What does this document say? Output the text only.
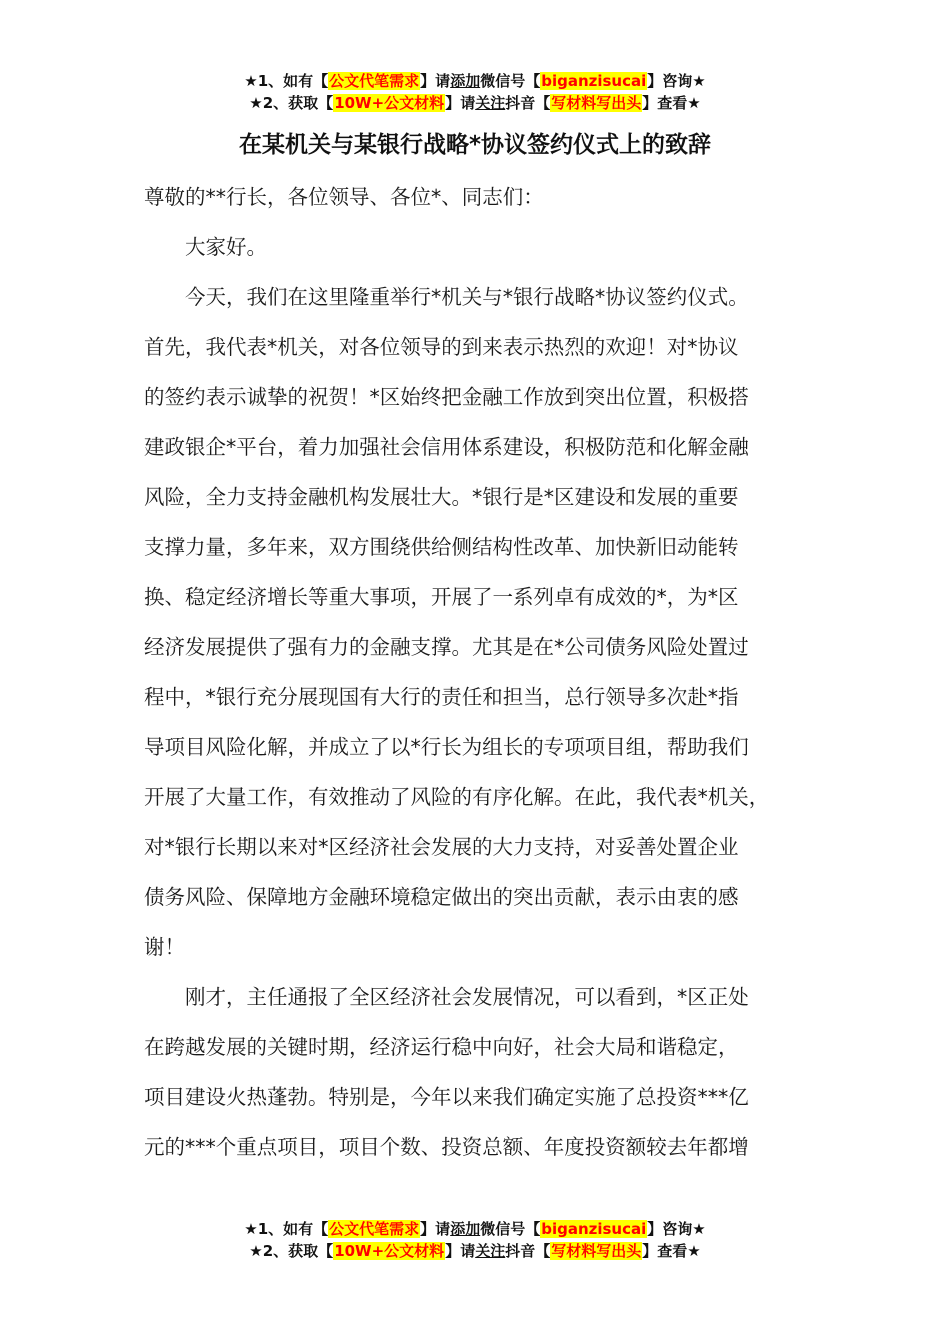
★1、如有【公文代笔需求】请添加微信号【biganzisucai】咨询★
★2、获取【10W+公文材料】请关注抖音【写材料写出头】查看★
在某机关与某银行战略*协议签约仪式上的致辞
尊敬的**行长，各位领导、各位*、同志们：
　　大家好。
　　今天，我们在这里隆重举行*机关与*银行战略*协议签约仪式。
首先，我代表*机关，对各位领导的到来表示热烈的欢迎！对*协议
的签约表示诚挚的祝贺！*区始终把金融工作放到突出位置，积极搭
建政银企*平台，着力加强社会信用体系建设，积极防范和化解金融
风险，全力支持金融机构发展壮大。*银行是*区建设和发展的重要
支撑力量，多年来，双方围绕供给侧结构性改革、加快新旧动能转
换、稳定经济增长等重大事项，开展了一系列卓有成效的*，为*区
经济发展提供了强有力的金融支撑。尤其是在*公司债务风险处置过
程中，*银行充分展现国有大行的责任和担当，总行领导多次赴*指
导项目风险化解，并成立了以*行长为组长的专项项目组，帮助我们
开展了大量工作，有效推动了风险的有序化解。在此，我代表*机关，
对*银行长期以来对*区经济社会发展的大力支持，对妥善处置企业
债务风险、保障地方金融环境稳定做出的突出贡献，表示由衷的感
谢！
　　刚才，主任通报了全区经济社会发展情况，可以看到，*区正处
在跨越发展的关键时期，经济运行稳中向好，社会大局和谐稳定，
项目建设火热蓬勃。特别是，今年以来我们确定实施了总投资***亿
元的***个重点项目，项目个数、投资总额、年度投资额较去年都增
★1、如有【公文代笔需求】请添加微信号【biganzisucai】咨询★
★2、获取【10W+公文材料】请关注抖音【写材料写出头】查看★
